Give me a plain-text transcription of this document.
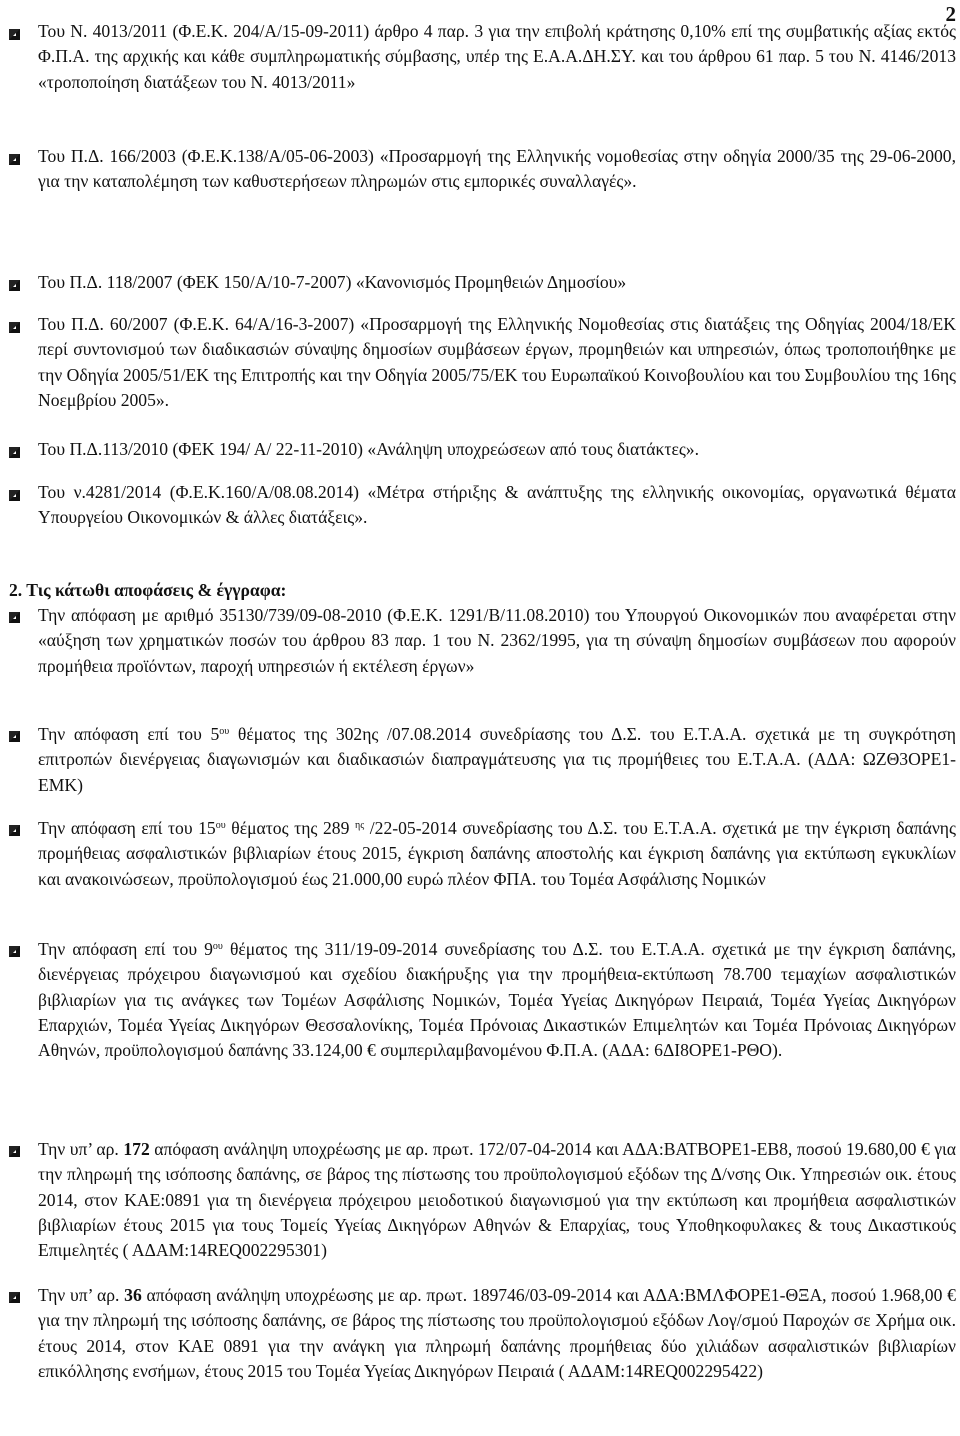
2
Του Ν. 4013/2011 (Φ.Ε.Κ. 204/Α/15-09-2011) άρθρο 4 παρ. 3 για την επιβολή κράτησης 0,10% επί της συμβατικής αξίας εκτός Φ.Π.Α. της αρχικής και κάθε συμπληρωματικής σύμβασης, υπέρ της Ε.Α.Α.ΔΗ.ΣΥ. και του άρθρου 61 παρ. 5 του Ν. 4146/2013 «τροποποίηση διατάξεων του Ν. 4013/2011»
Του Π.Δ. 166/2003 (Φ.Ε.Κ.138/Α/05-06-2003) «Προσαρμογή της Ελληνικής νομοθεσίας στην οδηγία 2000/35 της 29-06-2000, για την καταπολέμηση των καθυστερήσεων πληρωμών στις εμπορικές συναλλαγές».
Του Π.Δ. 118/2007 (ΦΕΚ 150/Α/10-7-2007) «Κανονισμός Προμηθειών Δημοσίου»
Του Π.Δ. 60/2007 (Φ.Ε.Κ. 64/Α/16-3-2007) «Προσαρμογή της Ελληνικής Νομοθεσίας στις διατάξεις της Οδηγίας 2004/18/ΕΚ περί συντονισμού των διαδικασιών σύναψης δημοσίων συμβάσεων έργων, προμηθειών και υπηρεσιών, όπως τροποποιήθηκε με την Οδηγία 2005/51/ΕΚ της Επιτροπής και την Οδηγία 2005/75/ΕΚ του Ευρωπαϊκού Κοινοβουλίου και του Συμβουλίου της 16ης Νοεμβρίου 2005».
Του Π.Δ.113/2010 (ΦΕΚ 194/ Α/ 22-11-2010) «Ανάληψη υποχρεώσεων από τους διατάκτες».
Του ν.4281/2014 (Φ.Ε.Κ.160/Α/08.08.2014) «Μέτρα στήριξης & ανάπτυξης της ελληνικής οικονομίας, οργανωτικά θέματα Υπουργείου Οικονομικών & άλλες διατάξεις».
2. Τις κάτωθι αποφάσεις & έγγραφα:
Την απόφαση με αριθμό 35130/739/09-08-2010 (Φ.Ε.Κ. 1291/Β/11.08.2010) του Υπουργού Οικονομικών που αναφέρεται στην «αύξηση των χρηματικών ποσών του άρθρου 83 παρ. 1 του Ν. 2362/1995, για τη σύναψη δημοσίων συμβάσεων που αφορούν προμήθεια προϊόντων, παροχή υπηρεσιών ή εκτέλεση έργων»
Την απόφαση επί του $5^{o\upsilon}$ θέματος της 302ης /07.08.2014 συνεδρίασης του Δ.Σ. του Ε.Τ.Α.Α. σχετικά με τη συγκρότηση επιτροπών διενέργειας διαγωνισμών και διαδικασιών διαπραγμάτευσης για τις προμήθειες του Ε.Τ.Α.Α. (ΑΔΑ: ΩΖΘ3ΟΡΕ1-ΕΜΚ)
Την απόφαση επί του $15^{o\upsilon}$ θέματος της 289 $^{\eta\varsigma}$ /22-05-2014 συνεδρίασης του Δ.Σ. του Ε.Τ.Α.Α. σχετικά με την έγκριση δαπάνης προμήθειας ασφαλιστικών βιβλιαρίων έτους 2015, έγκριση δαπάνης αποστολής και έγκριση δαπάνης για εκτύπωση εγκυκλίων και ανακοινώσεων, προϋπολογισμού έως 21.000,00 ευρώ πλέον ΦΠΑ. του Τομέα Ασφάλισης Νομικών
Την απόφαση επί του $9^{o\upsilon}$ θέματος της 311/19-09-2014 συνεδρίασης του Δ.Σ. του Ε.Τ.Α.Α. σχετικά με την έγκριση δαπάνης, διενέργειας πρόχειρου διαγωνισμού και σχεδίου διακήρυξης για την προμήθεια-εκτύπωση 78.700 τεμαχίων ασφαλιστικών βιβλιαρίων για τις ανάγκες των Τομέων Ασφάλισης Νομικών, Τομέα Υγείας Δικηγόρων Πειραιά, Τομέα Υγείας Δικηγόρων Επαρχιών, Τομέα Υγείας Δικηγόρων Θεσσαλονίκης, Τομέα Πρόνοιας Δικαστικών Επιμελητών και Τομέα Πρόνοιας Δικηγόρων Αθηνών, προϋπολογισμού δαπάνης 33.124,00 € συμπεριλαμβανομένου Φ.Π.Α. (ΑΔΑ: 6ΔΙ8ΟΡΕ1-ΡΘΟ).
Την υπ’ αρ. 172 απόφαση ανάληψη υποχρέωσης με αρ. πρωτ. 172/07-04-2014 και ΑΔΑ:ΒΑΤΒΟΡΕ1-ΕΒ8, ποσού 19.680,00 € για την πληρωμή της ισόποσης δαπάνης, σε βάρος της πίστωσης του προϋπολογισμού εξόδων της Δ/νσης Οικ. Υπηρεσιών οικ. έτους 2014, στον ΚΑΕ:0891 για τη διενέργεια πρόχειρου μειοδοτικού διαγωνισμού για την εκτύπωση και προμήθεια ασφαλιστικών βιβλιαρίων έτους 2015 για τους Τομείς Υγείας Δικηγόρων Αθηνών & Επαρχίας, τους Υποθηκοφυλακες & τους Δικαστικούς Επιμελητές ( ΑΔΑΜ:14REQ002295301)
Την υπ’ αρ. 36 απόφαση ανάληψη υποχρέωσης με αρ. πρωτ. 189746/03-09-2014 και ΑΔΑ:ΒΜΛΦΟΡΕ1-ΘΞΑ, ποσού 1.968,00 € για την πληρωμή της ισόποσης δαπάνης, σε βάρος της πίστωσης του προϋπολογισμού εξόδων Λογ/σμού Παροχών σε Χρήμα οικ. έτους 2014, στον ΚΑΕ 0891 για την ανάγκη για πληρωμή δαπάνης προμήθειας δύο χιλιάδων ασφαλιστικών βιβλιαρίων επικόλλησης ενσήμων, έτους 2015 του Τομέα Υγείας Δικηγόρων Πειραιά ( ΑΔΑΜ:14REQ002295422)
